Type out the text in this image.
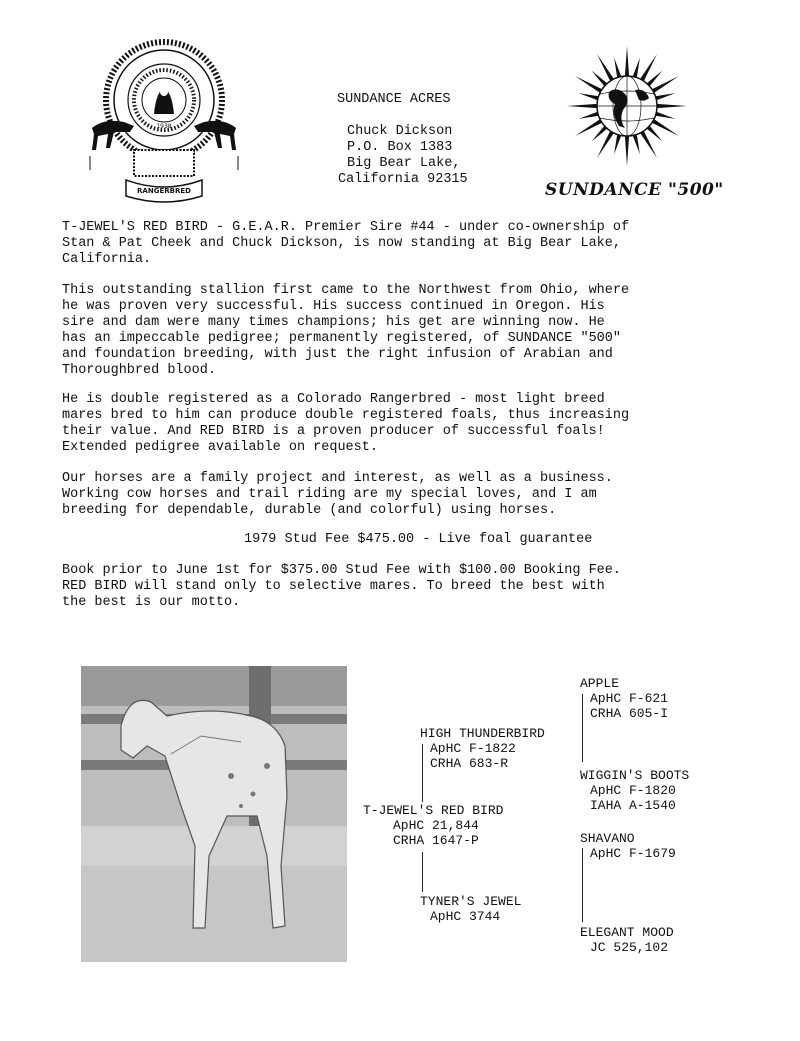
1938
RANGERBRED
SUNDANCE ACRES
Chuck Dickson
P.O. Box 1383
Big Bear Lake,
California 92315
SUNDANCE "500"
T-JEWEL'S RED BIRD - G.E.A.R. Premier Sire #44 - under co-ownership of
Stan & Pat Cheek and Chuck Dickson, is now standing at Big Bear Lake,
California.
This outstanding stallion first came to the Northwest from Ohio, where
he was proven very successful. His success continued in Oregon. His
sire and dam were many times champions; his get are winning now. He
has an impeccable pedigree; permanently registered, of SUNDANCE "500"
and foundation breeding, with just the right infusion of Arabian and
Thoroughbred blood.
He is double registered as a Colorado Rangerbred - most light breed
mares bred to him can produce double registered foals, thus increasing
their value. And RED BIRD is a proven producer of successful foals!
Extended pedigree available on request.
Our horses are a family project and interest, as well as a business.
Working cow horses and trail riding are my special loves, and I am
breeding for dependable, durable (and colorful) using horses.
1979 Stud Fee $475.00 - Live foal guarantee
Book prior to June 1st for $375.00 Stud Fee with $100.00 Booking Fee.
RED BIRD will stand only to selective mares. To breed the best with
the best is our motto.
APPLE
ApHC F-621
CRHA 605-I
HIGH THUNDERBIRD
ApHC F-1822
CRHA 683-R
WIGGIN'S BOOTS
ApHC F-1820
IAHA A-1540
T-JEWEL'S RED BIRD
ApHC 21,844
CRHA 1647-P	SHAVANO
ApHC F-1679
TYNER'S JEWEL
ApHC 3744
ELEGANT MOOD
JC 525,102
